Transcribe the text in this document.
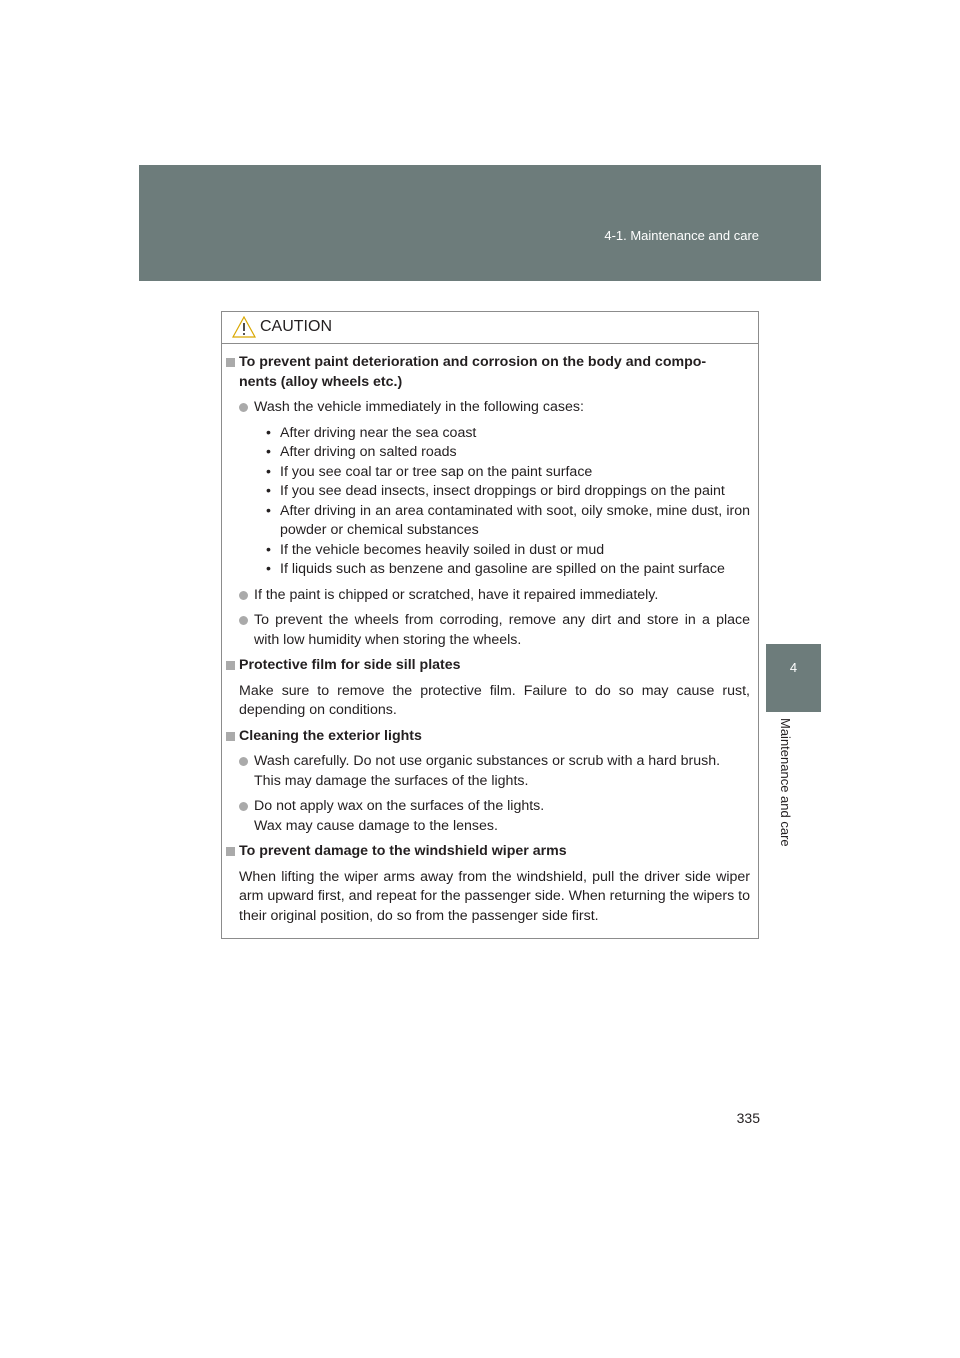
4-1. Maintenance and care
4
Maintenance and care
CAUTION
To prevent paint deterioration and corrosion on the body and compo-
nents (alloy wheels etc.)
Wash the vehicle immediately in the following cases:
• After driving near the sea coast
• After driving on salted roads
• If you see coal tar or tree sap on the paint surface
• If you see dead insects, insect droppings or bird droppings on the paint
• After driving in an area contaminated with soot, oily smoke, mine dust, iron powder or chemical substances
• If the vehicle becomes heavily soiled in dust or mud
• If liquids such as benzene and gasoline are spilled on the paint surface
If the paint is chipped or scratched, have it repaired immediately.
To prevent the wheels from corroding, remove any dirt and store in a place with low humidity when storing the wheels.
Protective film for side sill plates
Make sure to remove the protective film. Failure to do so may cause rust, depending on conditions.
Cleaning the exterior lights
Wash carefully. Do not use organic substances or scrub with a hard brush.
This may damage the surfaces of the lights.
Do not apply wax on the surfaces of the lights.
Wax may cause damage to the lenses.
To prevent damage to the windshield wiper arms
When lifting the wiper arms away from the windshield, pull the driver side wiper arm upward first, and repeat for the passenger side. When returning the wipers to their original position, do so from the passenger side first.
335
